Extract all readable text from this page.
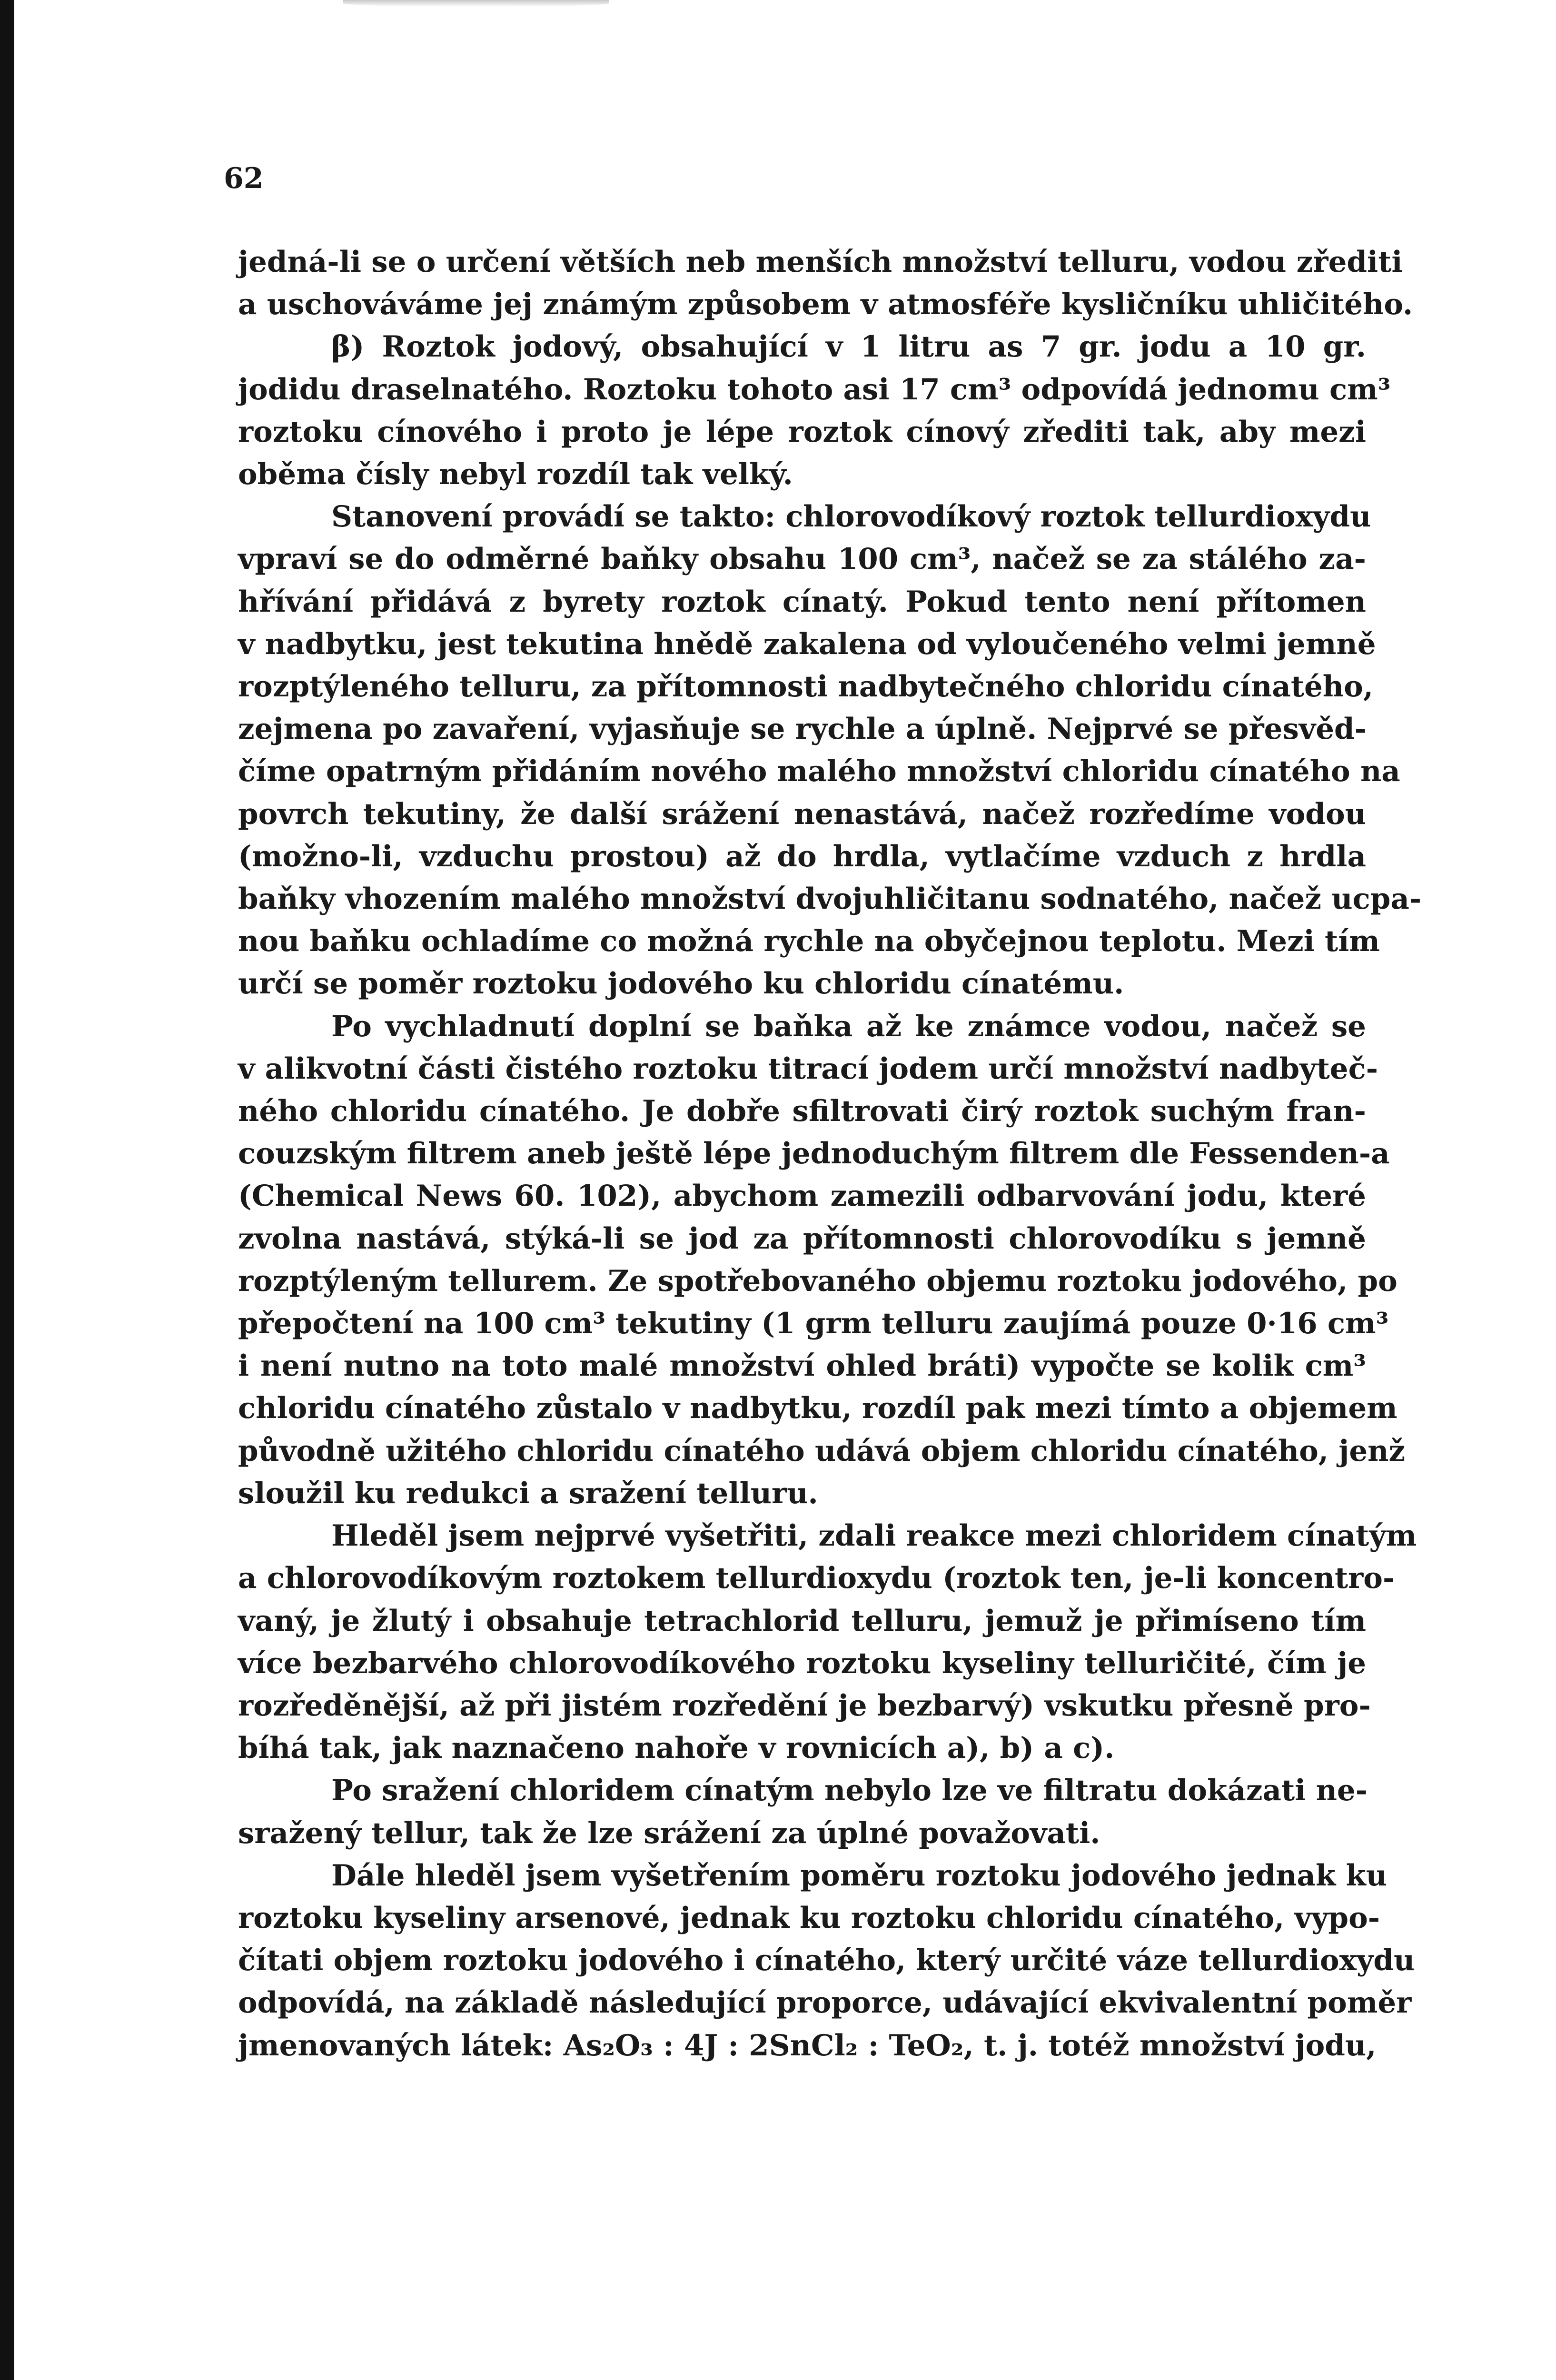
62

jedná-li se o určení větších neb menších množství telluru, vodou zřediti
a uschováváme jej známým způsobem v atmosféře kysličníku uhličitého.
β) Roztok jodový, obsahující v 1 litru as 7 gr. jodu a 10 gr.
jodidu draselnatého. Roztoku tohoto asi 17 cm³ odpovídá jednomu cm³
roztoku cínového i proto je lépe roztok cínový zřediti tak, aby mezi
oběma čísly nebyl rozdíl tak velký.
Stanovení provádí se takto: chlorovodíkový roztok tellurdioxydu
vpraví se do odměrné baňky obsahu 100 cm³, načež se za stálého za-
hřívání přidává z byrety roztok cínatý. Pokud tento není přítomen
v nadbytku, jest tekutina hnědě zakalena od vyloučeného velmi jemně
rozptýleného telluru, za přítomnosti nadbytečného chloridu cínatého,
zejmena po zavaření, vyjasňuje se rychle a úplně. Nejprvé se přesvěd-
číme opatrným přidáním nového malého množství chloridu cínatého na
povrch tekutiny, že další srážení nenastává, načež rozředíme vodou
(možno-li, vzduchu prostou) až do hrdla, vytlačíme vzduch z hrdla
baňky vhozením malého množství dvojuhličitanu sodnatého, načež ucpa-
nou baňku ochladíme co možná rychle na obyčejnou teplotu. Mezi tím
určí se poměr roztoku jodového ku chloridu cínatému.
Po vychladnutí doplní se baňka až ke známce vodou, načež se
v alikvotní části čistého roztoku titrací jodem určí množství nadbyteč-
ného chloridu cínatého. Je dobře sfiltrovati čirý roztok suchým fran-
couzským filtrem aneb ještě lépe jednoduchým filtrem dle Fessenden-a
(Chemical News 60. 102), abychom zamezili odbarvování jodu, které
zvolna nastává, stýká-li se jod za přítomnosti chlorovodíku s jemně
rozptýleným tellurem. Ze spotřebovaného objemu roztoku jodového, po
přepočtení na 100 cm³ tekutiny (1 grm telluru zaujímá pouze 0·16 cm³
i není nutno na toto malé množství ohled bráti) vypočte se kolik cm³
chloridu cínatého zůstalo v nadbytku, rozdíl pak mezi tímto a objemem
původně užitého chloridu cínatého udává objem chloridu cínatého, jenž
sloužil ku redukci a sražení telluru.
Hleděl jsem nejprvé vyšetřiti, zdali reakce mezi chloridem cínatým
a chlorovodíkovým roztokem tellurdioxydu (roztok ten, je-li koncentro-
vaný, je žlutý i obsahuje tetrachlorid telluru, jemuž je přimíseno tím
více bezbarvého chlorovodíkového roztoku kyseliny telluričité, čím je
rozředěnější, až při jistém rozředění je bezbarvý) vskutku přesně pro-
bíhá tak, jak naznačeno nahoře v rovnicích a), b) a c).
Po sražení chloridem cínatým nebylo lze ve filtratu dokázati ne-
sražený tellur, tak že lze srážení za úplné považovati.
Dále hleděl jsem vyšetřením poměru roztoku jodového jednak ku
roztoku kyseliny arsenové, jednak ku roztoku chloridu cínatého, vypo-
čítati objem roztoku jodového i cínatého, který určité váze tellurdioxydu
odpovídá, na základě následující proporce, udávající ekvivalentní poměr
jmenovaných látek: As₂O₃ : 4J : 2SnCl₂ : TeO₂, t. j. totéž množství jodu,
